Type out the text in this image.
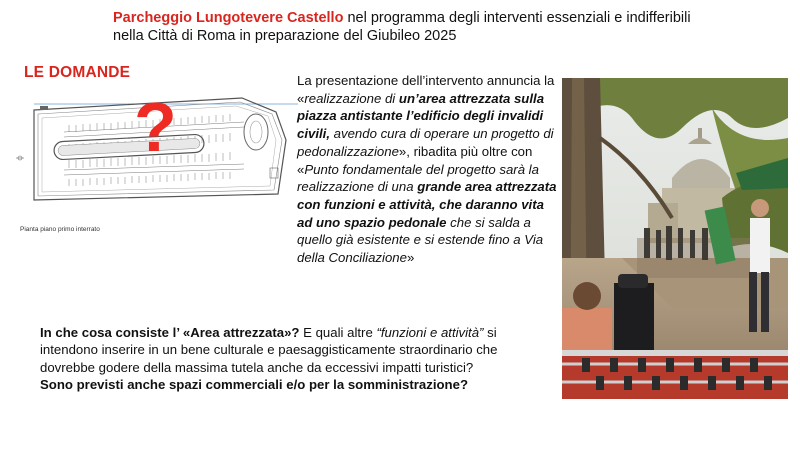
Parcheggio Lungotevere Castello nel programma degli interventi essenziali e indifferibili nella Città di Roma in preparazione del Giubileo 2025
LE DOMANDE
?
Pianta piano primo interrato
La presentazione dell’intervento annuncia la «realizzazione di un’area attrezzata sulla piazza antistante l’edificio degli invalidi civili, avendo cura di operare un progetto di pedonalizzazione», ribadita più oltre con «Punto fondamentale del progetto sarà la realizzazione di una grande area attrezzata con funzioni e attività, che daranno vita ad uno spazio pedonale che si salda a quello già esistente e si estende fino a Via della Conciliazione»
In che cosa consiste l’ «Area attrezzata»? E quali altre “funzioni e attività” si intendono inserire in un bene culturale e paesaggisticamente straordinario che dovrebbe godere della massima tutela anche da eccessivi impatti turistici?
Sono previsti anche spazi commerciali e/o per la somministrazione?
